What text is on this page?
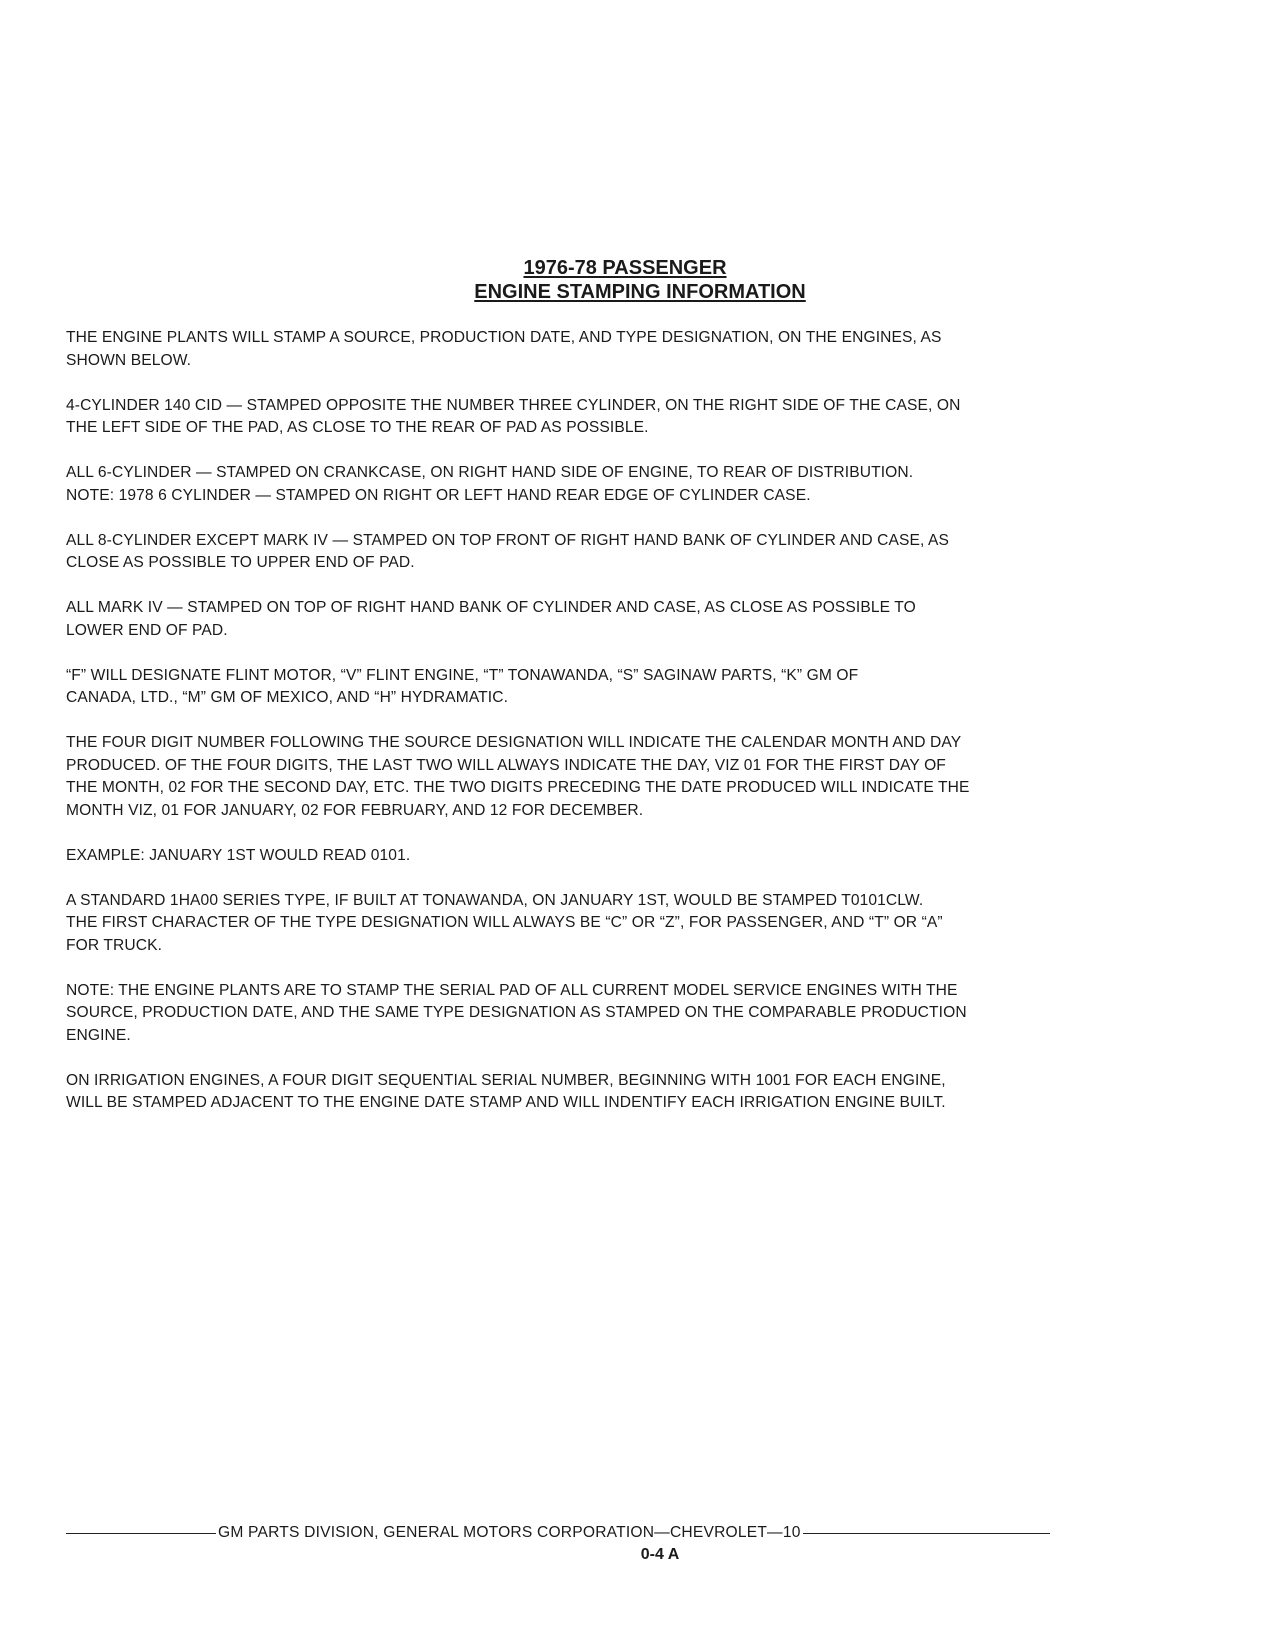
1976-78 PASSENGER
ENGINE STAMPING INFORMATION

THE ENGINE PLANTS WILL STAMP A SOURCE, PRODUCTION DATE, AND TYPE DESIGNATION, ON THE ENGINES, AS
SHOWN BELOW.

4-CYLINDER 140 CID — STAMPED OPPOSITE THE NUMBER THREE CYLINDER, ON THE RIGHT SIDE OF THE CASE, ON
THE LEFT SIDE OF THE PAD, AS CLOSE TO THE REAR OF PAD AS POSSIBLE.

ALL 6-CYLINDER — STAMPED ON CRANKCASE, ON RIGHT HAND SIDE OF ENGINE, TO REAR OF DISTRIBUTION.
NOTE: 1978 6 CYLINDER — STAMPED ON RIGHT OR LEFT HAND REAR EDGE OF CYLINDER CASE.

ALL 8-CYLINDER EXCEPT MARK IV — STAMPED ON TOP FRONT OF RIGHT HAND BANK OF CYLINDER AND CASE, AS
CLOSE AS POSSIBLE TO UPPER END OF PAD.

ALL MARK IV — STAMPED ON TOP OF RIGHT HAND BANK OF CYLINDER AND CASE, AS CLOSE AS POSSIBLE TO
LOWER END OF PAD.

“F” WILL DESIGNATE FLINT MOTOR, “V” FLINT ENGINE, “T” TONAWANDA, “S” SAGINAW PARTS, “K” GM OF
CANADA, LTD., “M” GM OF MEXICO, AND “H” HYDRAMATIC.

THE FOUR DIGIT NUMBER FOLLOWING THE SOURCE DESIGNATION WILL INDICATE THE CALENDAR MONTH AND DAY
PRODUCED. OF THE FOUR DIGITS, THE LAST TWO WILL ALWAYS INDICATE THE DAY, VIZ 01 FOR THE FIRST DAY OF
THE MONTH, 02 FOR THE SECOND DAY, ETC. THE TWO DIGITS PRECEDING THE DATE PRODUCED WILL INDICATE THE
MONTH VIZ, 01 FOR JANUARY, 02 FOR FEBRUARY, AND 12 FOR DECEMBER.

EXAMPLE: JANUARY 1ST WOULD READ 0101.

A STANDARD 1HA00 SERIES TYPE, IF BUILT AT TONAWANDA, ON JANUARY 1ST, WOULD BE STAMPED T0101CLW.
THE FIRST CHARACTER OF THE TYPE DESIGNATION WILL ALWAYS BE “C” OR “Z”, FOR PASSENGER, AND “T” OR “A”
FOR TRUCK.

NOTE: THE ENGINE PLANTS ARE TO STAMP THE SERIAL PAD OF ALL CURRENT MODEL SERVICE ENGINES WITH THE
SOURCE, PRODUCTION DATE, AND THE SAME TYPE DESIGNATION AS STAMPED ON THE COMPARABLE PRODUCTION
ENGINE.

ON IRRIGATION ENGINES, A FOUR DIGIT SEQUENTIAL SERIAL NUMBER, BEGINNING WITH 1001 FOR EACH ENGINE,
WILL BE STAMPED ADJACENT TO THE ENGINE DATE STAMP AND WILL INDENTIFY EACH IRRIGATION ENGINE BUILT.

GM PARTS DIVISION, GENERAL MOTORS CORPORATION—CHEVROLET—10
0-4 A
